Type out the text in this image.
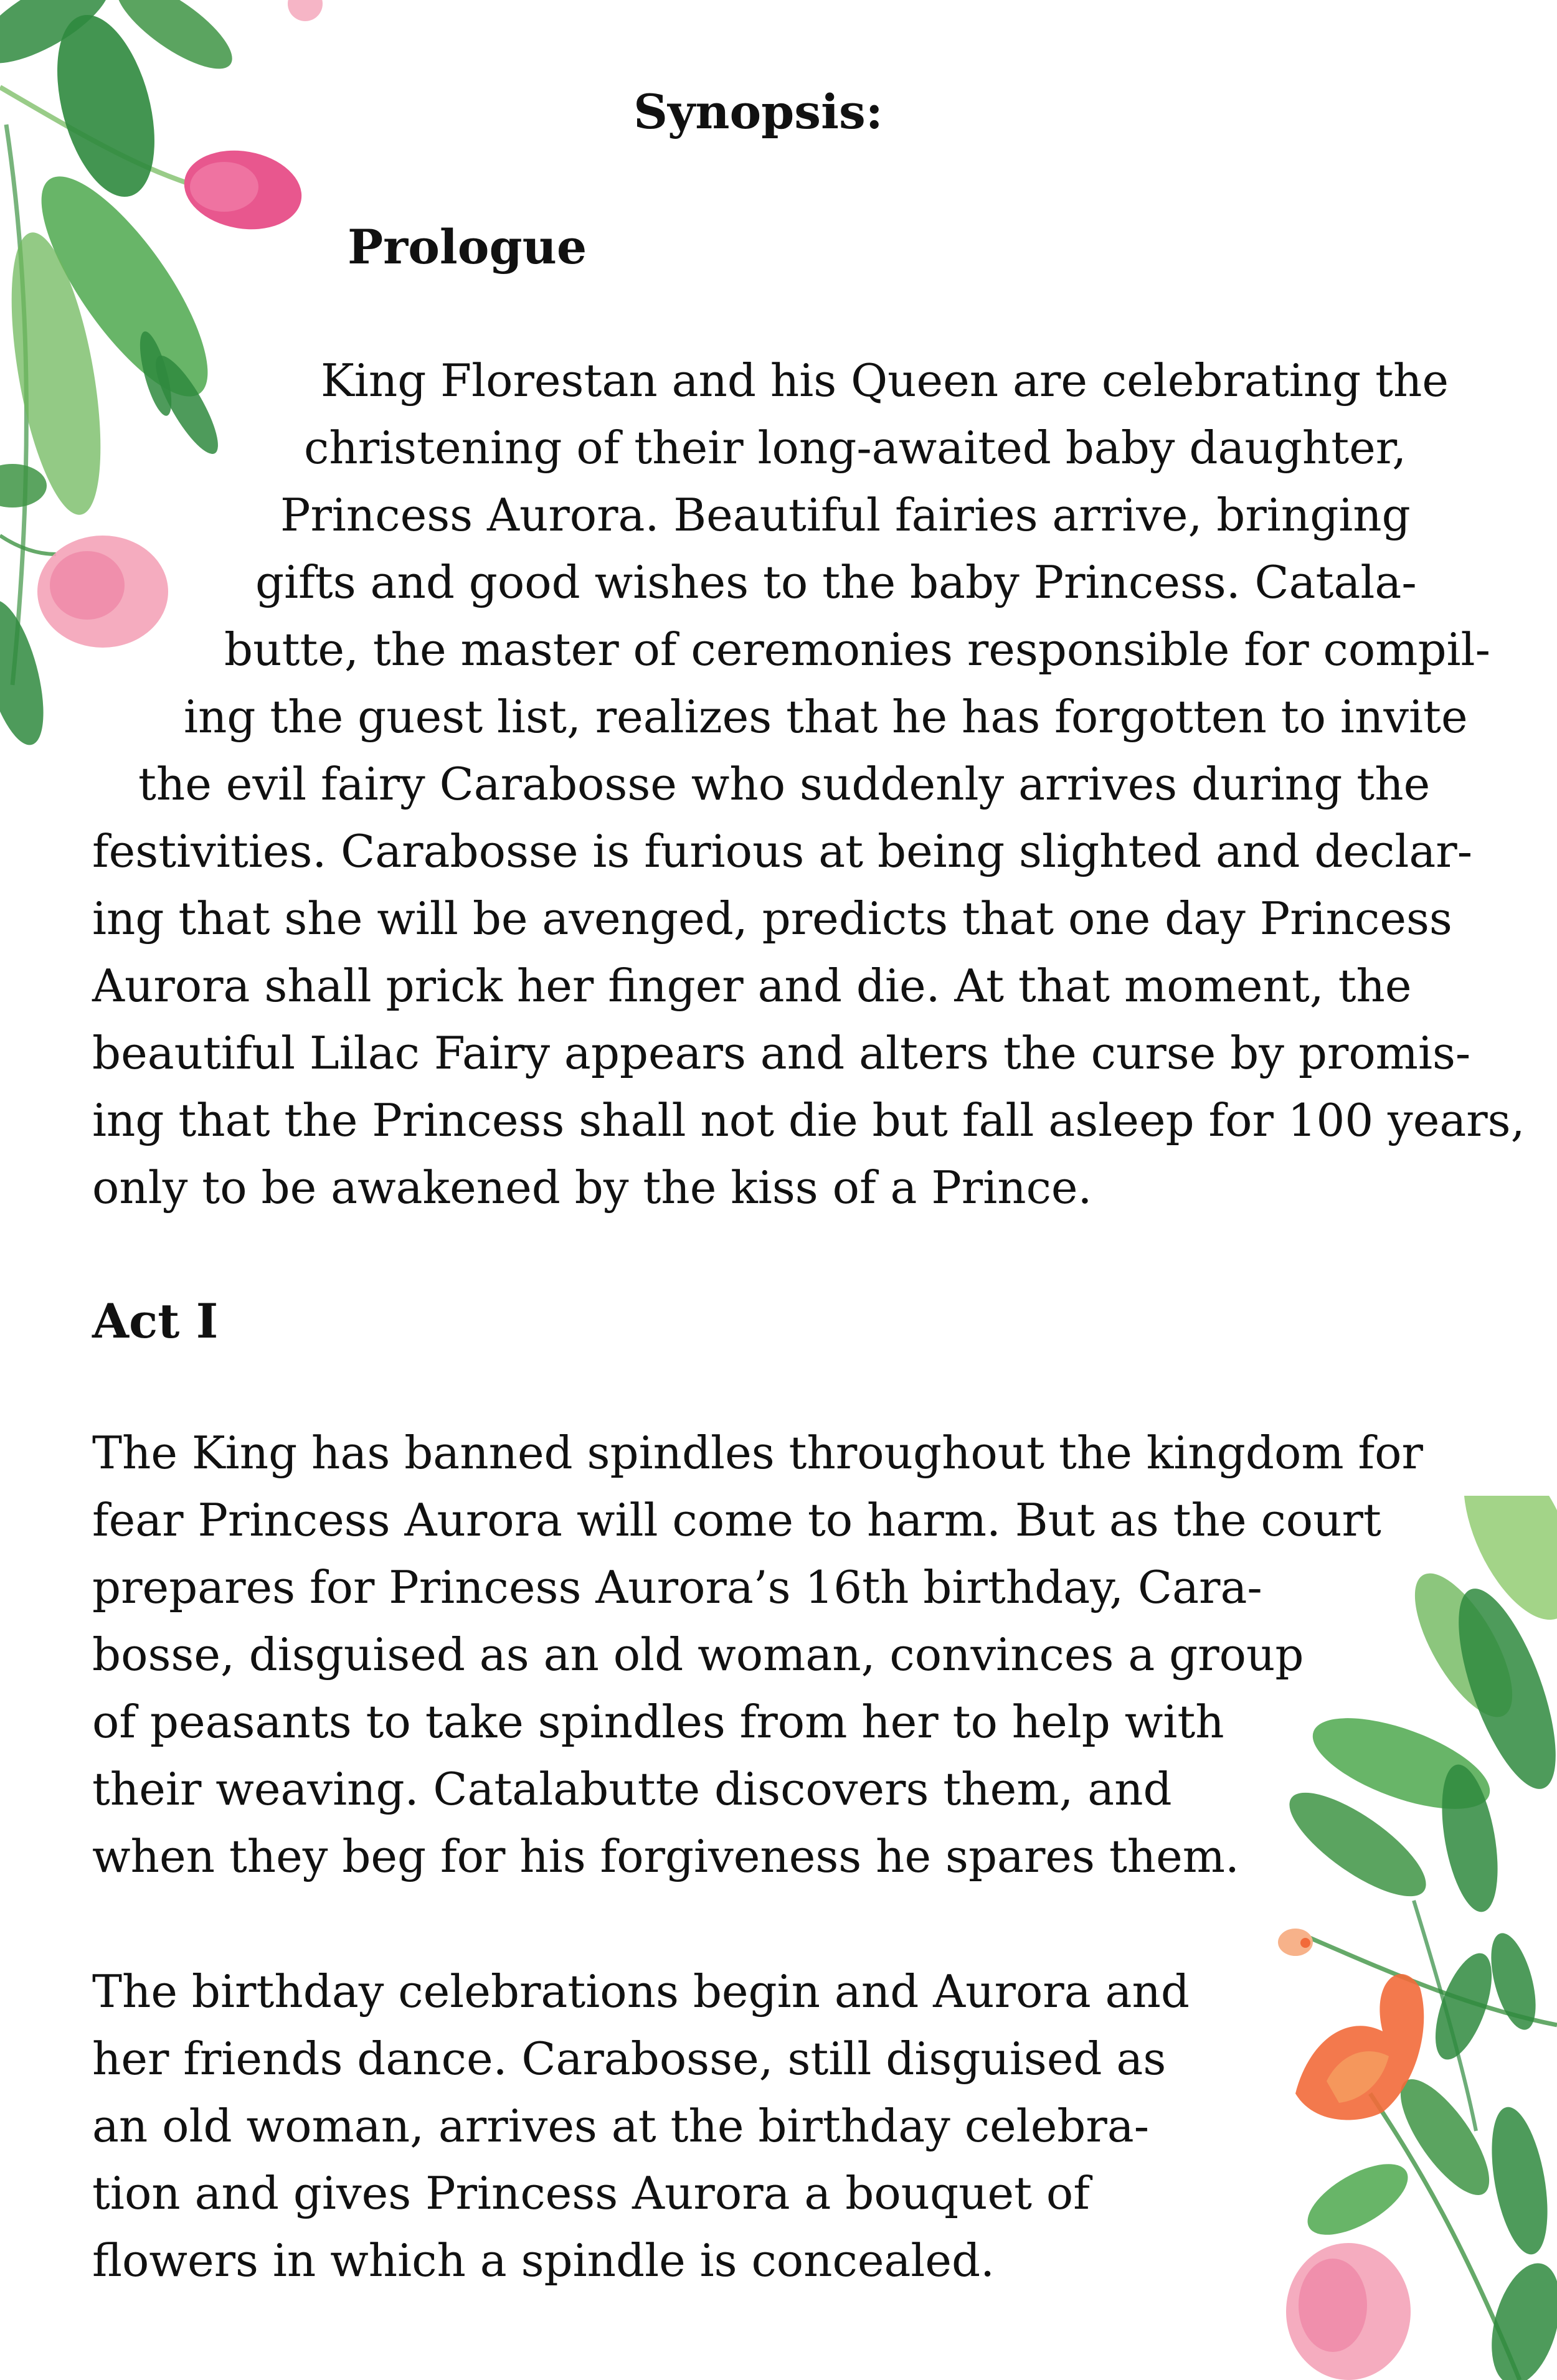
Synopsis:
Prologue
King Florestan and his Queen are celebrating the
christening of their long-awaited baby daughter,
Princess Aurora. Beautiful fairies arrive, bringing
gifts and good wishes to the baby Princess. Catala-
butte, the master of ceremonies responsible for compil-
ing the guest list, realizes that he has forgotten to invite
the evil fairy Carabosse who suddenly arrives during the
festivities. Carabosse is furious at being slighted and declar-
ing that she will be avenged, predicts that one day Princess
Aurora shall prick her finger and die. At that moment, the
beautiful Lilac Fairy appears and alters the curse by promis-
ing that the Princess shall not die but fall asleep for 100 years,
only to be awakened by the kiss of a Prince.
Act I
The King has banned spindles throughout the kingdom for
fear Princess Aurora will come to harm. But as the court
prepares for Princess Aurora’s 16th birthday, Cara-
bosse, disguised as an old woman, convinces a group
of peasants to take spindles from her to help with
their weaving. Catalabutte discovers them, and
when they beg for his forgiveness he spares them.
The birthday celebrations begin and Aurora and
her friends dance. Carabosse, still disguised as
an old woman, arrives at the birthday celebra-
tion and gives Princess Aurora a bouquet of
flowers in which a spindle is concealed.
